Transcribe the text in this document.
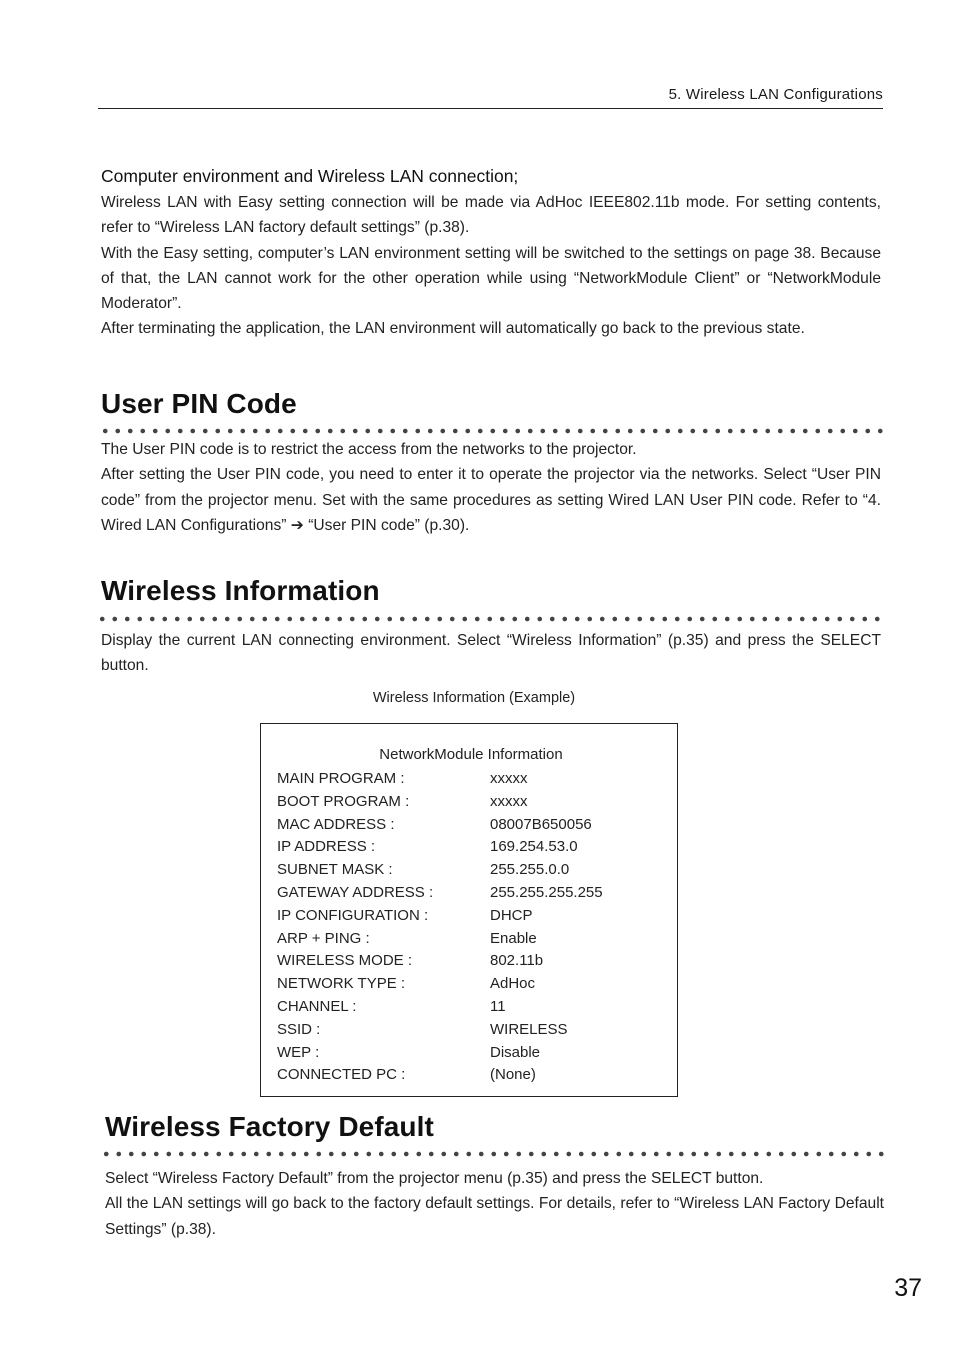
5. Wireless LAN Configurations
Computer environment and Wireless LAN connection;

Wireless LAN with Easy setting connection will be made via AdHoc IEEE802.11b mode. For setting contents, refer to “Wireless LAN factory default settings” (p.38).

With the Easy setting, computer’s LAN environment setting will be switched to the settings on page 38. Because of that, the LAN cannot work for the other operation while using “NetworkModule Client” or “NetworkModule Moderator”.

After terminating the application, the LAN environment will automatically go back to the previous state.

User PIN Code

The User PIN code is to restrict the access from the networks to the projector.

After setting the User PIN code, you need to enter it to operate the projector via the networks. Select “User PIN code” from the projector menu. Set with the same procedures as setting Wired LAN User PIN code. Refer to “4. Wired LAN Configurations” ➔ “User PIN code” (p.30).

Wireless Information

Display the current LAN connecting environment. Select “Wireless Information” (p.35) and press the SELECT button.

Wireless Information (Example)
NetworkModule Information
MAIN PROGRAM :	xxxxx
BOOT PROGRAM :	xxxxx
MAC ADDRESS :	08007B650056
IP ADDRESS :	169.254.53.0
SUBNET MASK :	255.255.0.0
GATEWAY ADDRESS :	255.255.255.255
IP CONFIGURATION :	DHCP
ARP + PING :	Enable
WIRELESS MODE :	802.11b
NETWORK TYPE :	AdHoc
CHANNEL :	11
SSID :	WIRELESS
WEP :	Disable
CONNECTED PC :	(None)
Wireless Factory Default

Select “Wireless Factory Default” from the projector menu (p.35) and press the SELECT button.

All the LAN settings will go back to the factory default settings. For details, refer to “Wireless LAN Factory Default Settings” (p.38).

37
